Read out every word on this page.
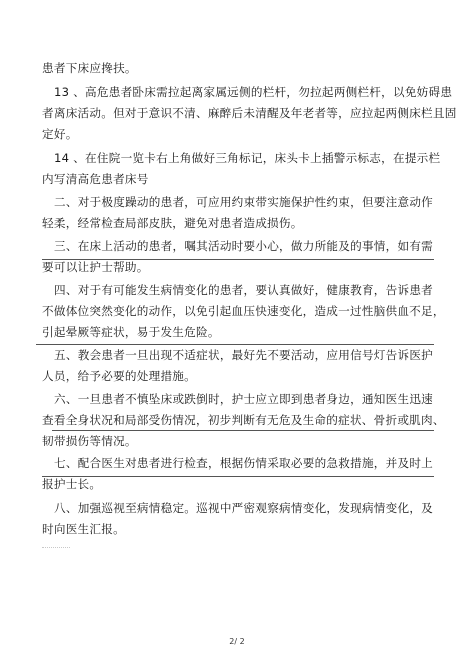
患者下床应搀扶。

13 、高危患者卧床需拉起离家属远侧的栏杆，勿拉起两侧栏杆，以免妨碍患
者离床活动。但对于意识不清、麻醉后未清醒及年老者等，应拉起两侧床栏且固
定好。

14 、在住院一览卡右上角做好三角标记，床头卡上插警示标志，在提示栏
内写清高危患者床号

二、对于极度躁动的患者，可应用约束带实施保护性约束，但要注意动作
轻柔，经常检查局部皮肤，避免对患者造成损伤。

三、在床上活动的患者，嘱其活动时要小心，做力所能及的事情，如有需
要可以让护士帮助。

四、对于有可能发生病情变化的患者，要认真做好，健康教育，告诉患者
不做体位突然变化的动作，以免引起血压快速变化，造成一过性脑供血不足，
引起晕厥等症状，易于发生危险。

五、教会患者一旦出现不适症状，最好先不要活动，应用信号灯告诉医护
人员，给予必要的处理措施。

六、一旦患者不慎坠床或跌倒时，护士应立即到患者身边，通知医生迅速
查看全身状况和局部受伤情况，初步判断有无危及生命的症状、骨折或肌肉、
韧带损伤等情况。

七、配合医生对患者进行检查，根据伤情采取必要的急救措施，并及时上
报护士长。

八、加强巡视至病情稳定。巡视中严密观察病情变化，发现病情变化，及
时向医生汇报。

2/ 2
